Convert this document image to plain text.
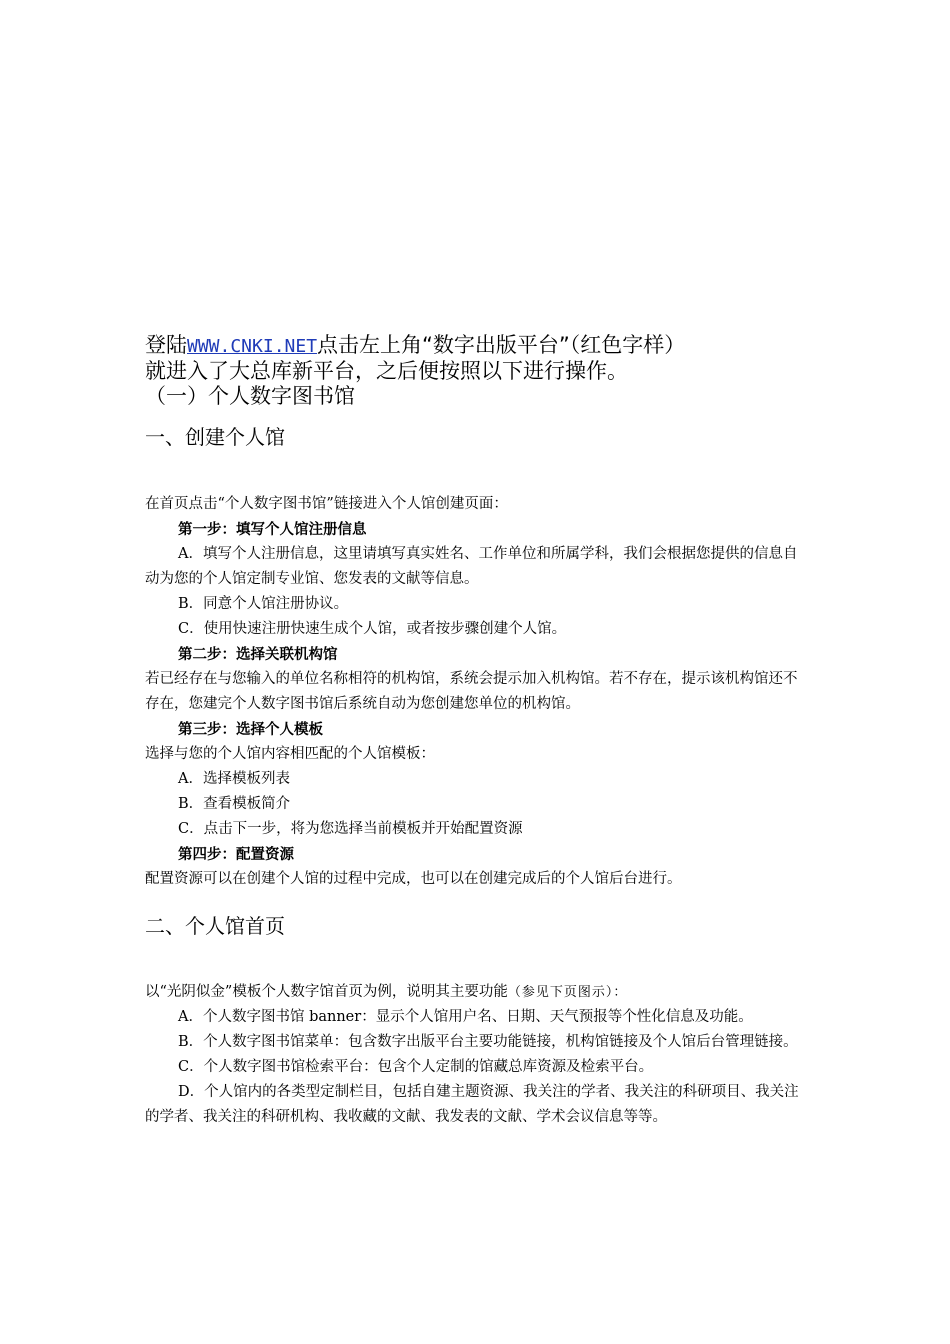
登陆WWW.CNKI.NET点击左上角“数字出版平台”（红色字样）

就进入了大总库新平台，之后便按照以下进行操作。

（一）个人数字图书馆

一、创建个人馆

在首页点击“个人数字图书馆”链接进入个人馆创建页面：

第一步：填写个人馆注册信息

A．填写个人注册信息，这里请填写真实姓名、工作单位和所属学科，我们会根据您提供的信息自动为您的个人馆定制专业馆、您发表的文献等信息。

B．同意个人馆注册协议。

C．使用快速注册快速生成个人馆，或者按步骤创建个人馆。

第二步：选择关联机构馆

若已经存在与您输入的单位名称相符的机构馆，系统会提示加入机构馆。若不存在，提示该机构馆还不存在，您建完个人数字图书馆后系统自动为您创建您单位的机构馆。

第三步：选择个人模板

选择与您的个人馆内容相匹配的个人馆模板：

A．选择模板列表

B．查看模板简介

C．点击下一步，将为您选择当前模板并开始配置资源

第四步：配置资源

配置资源可以在创建个人馆的过程中完成，也可以在创建完成后的个人馆后台进行。

二、个人馆首页

以“光阴似金”模板个人数字馆首页为例，说明其主要功能（参见下页图示）：

A．个人数字图书馆 banner：显示个人馆用户名、日期、天气预报等个性化信息及功能。

B．个人数字图书馆菜单：包含数字出版平台主要功能链接，机构馆链接及个人馆后台管理链接。

C．个人数字图书馆检索平台：包含个人定制的馆藏总库资源及检索平台。

D．个人馆内的各类型定制栏目，包括自建主题资源、我关注的学者、我关注的科研项目、我关注的学者、我关注的科研机构、我收藏的文献、我发表的文献、学术会议信息等等。
